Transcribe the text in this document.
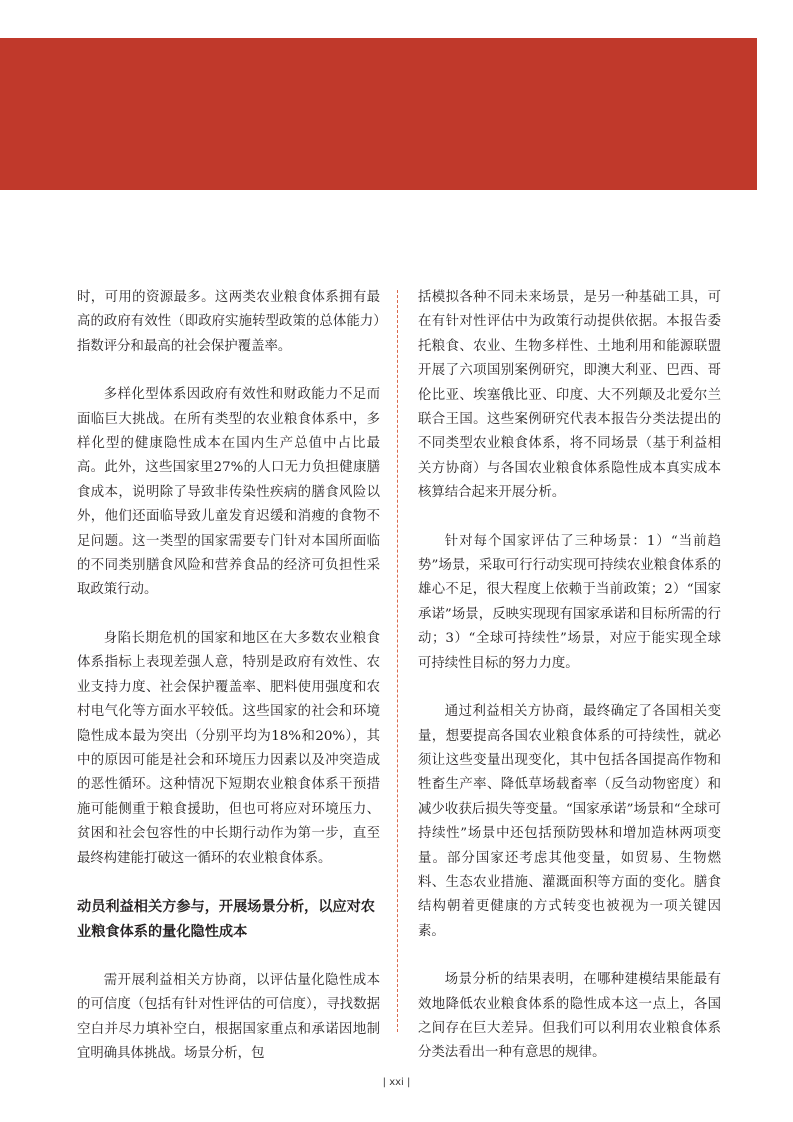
时，可用的资源最多。这两类农业粮食体系拥有最高的政府有效性（即政府实施转型政策的总体能力）指数评分和最高的社会保护覆盖率。

多样化型体系因政府有效性和财政能力不足而面临巨大挑战。在所有类型的农业粮食体系中，多样化型的健康隐性成本在国内生产总值中占比最高。此外，这些国家里27%的人口无力负担健康膳食成本，说明除了导致非传染性疾病的膳食风险以外，他们还面临导致儿童发育迟缓和消瘦的食物不足问题。这一类型的国家需要专门针对本国所面临的不同类别膳食风险和营养食品的经济可负担性采取政策行动。

身陷长期危机的国家和地区在大多数农业粮食体系指标上表现差强人意，特别是政府有效性、农业支持力度、社会保护覆盖率、肥料使用强度和农村电气化等方面水平较低。这些国家的社会和环境隐性成本最为突出（分别平均为18%和20%），其中的原因可能是社会和环境压力因素以及冲突造成的恶性循环。这种情况下短期农业粮食体系干预措施可能侧重于粮食援助，但也可将应对环境压力、贫困和社会包容性的中长期行动作为第一步，直至最终构建能打破这一循环的农业粮食体系。

动员利益相关方参与，开展场景分析，以应对农业粮食体系的量化隐性成本

需开展利益相关方协商，以评估量化隐性成本的可信度（包括有针对性评估的可信度），寻找数据空白并尽力填补空白，根据国家重点和承诺因地制宜明确具体挑战。场景分析，包

括模拟各种不同未来场景，是另一种基础工具，可在有针对性评估中为政策行动提供依据。本报告委托粮食、农业、生物多样性、土地利用和能源联盟开展了六项国别案例研究，即澳大利亚、巴西、哥伦比亚、埃塞俄比亚、印度、大不列颠及北爱尔兰联合王国。这些案例研究代表本报告分类法提出的不同类型农业粮食体系，将不同场景（基于利益相关方协商）与各国农业粮食体系隐性成本真实成本核算结合起来开展分析。

针对每个国家评估了三种场景：1）“当前趋势”场景，采取可行行动实现可持续农业粮食体系的雄心不足，很大程度上依赖于当前政策；2）“国家承诺”场景，反映实现现有国家承诺和目标所需的行动；3）“全球可持续性”场景，对应于能实现全球可持续性目标的努力力度。

通过利益相关方协商，最终确定了各国相关变量，想要提高各国农业粮食体系的可持续性，就必须让这些变量出现变化，其中包括各国提高作物和牲畜生产率、降低草场载畜率（反刍动物密度）和减少收获后损失等变量。“国家承诺”场景和“全球可持续性”场景中还包括预防毁林和增加造林两项变量。部分国家还考虑其他变量，如贸易、生物燃料、生态农业措施、灌溉面积等方面的变化。膳食结构朝着更健康的方式转变也被视为一项关键因素。

场景分析的结果表明，在哪种建模结果能最有效地降低农业粮食体系的隐性成本这一点上，各国之间存在巨大差异。但我们可以利用农业粮食体系分类法看出一种有意思的规律。

| xxi |
